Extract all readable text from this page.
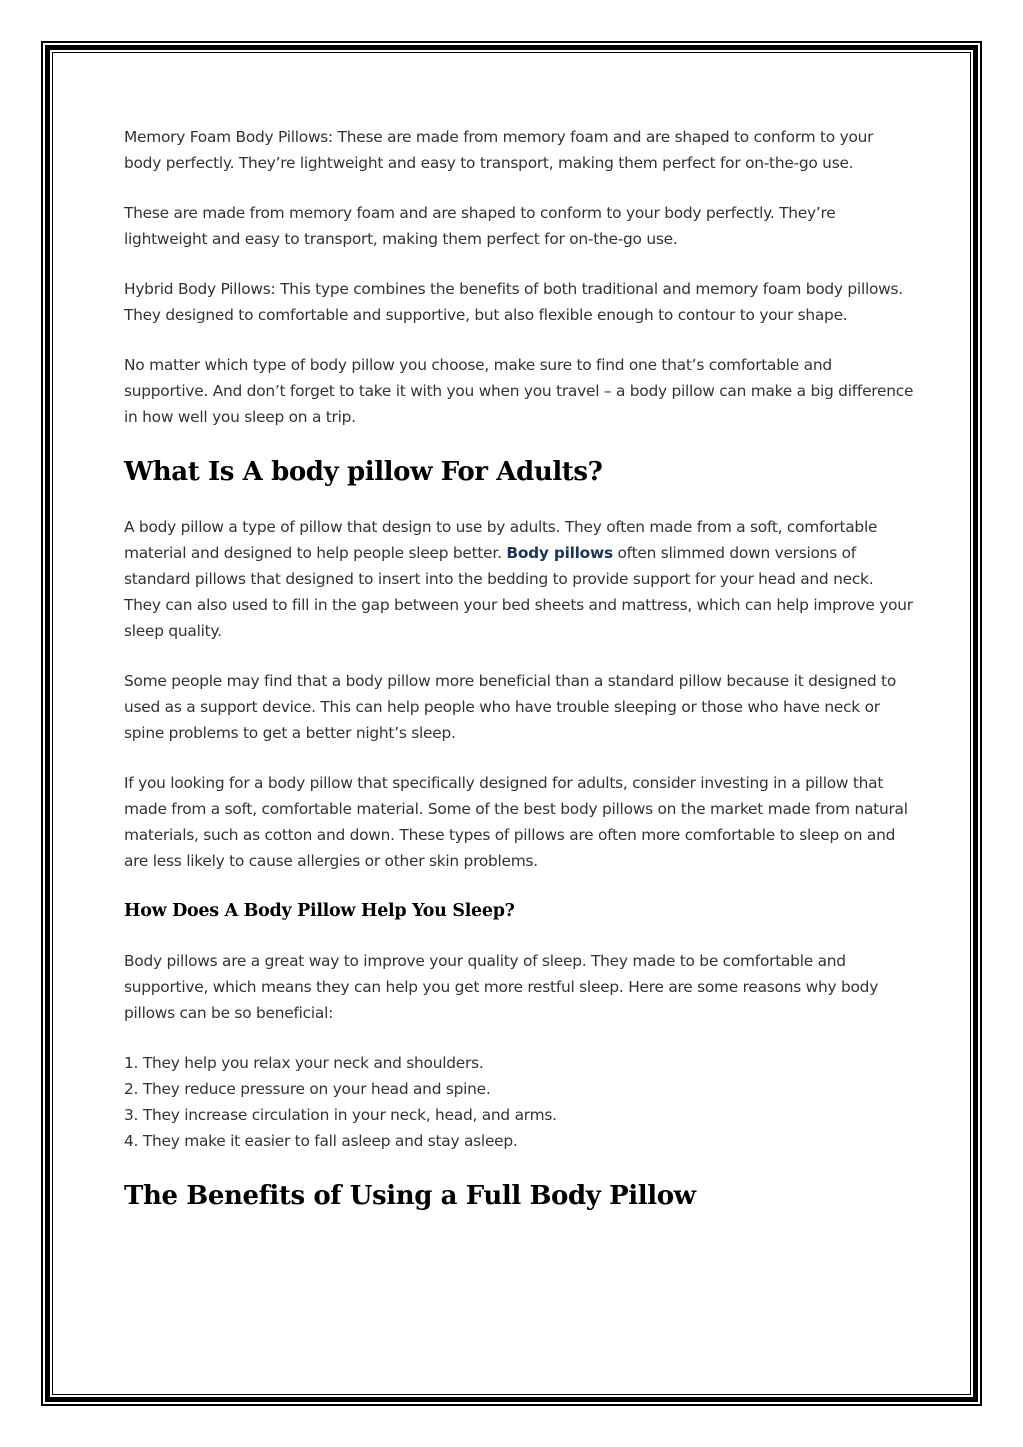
Memory Foam Body Pillows: These are made from memory foam and are shaped to conform to your body perfectly. They’re lightweight and easy to transport, making them perfect for on-the-go use.

These are made from memory foam and are shaped to conform to your body perfectly. They’re lightweight and easy to transport, making them perfect for on-the-go use.

Hybrid Body Pillows: This type combines the benefits of both traditional and memory foam body pillows. They designed to comfortable and supportive, but also flexible enough to contour to your shape.

No matter which type of body pillow you choose, make sure to find one that’s comfortable and supportive. And don’t forget to take it with you when you travel – a body pillow can make a big difference in how well you sleep on a trip.

What Is A body pillow For Adults?

A body pillow a type of pillow that design to use by adults. They often made from a soft, comfortable material and designed to help people sleep better. Body pillows often slimmed down versions of standard pillows that designed to insert into the bedding to provide support for your head and neck. They can also used to fill in the gap between your bed sheets and mattress, which can help improve your sleep quality.

Some people may find that a body pillow more beneficial than a standard pillow because it designed to used as a support device. This can help people who have trouble sleeping or those who have neck or spine problems to get a better night’s sleep.

If you looking for a body pillow that specifically designed for adults, consider investing in a pillow that made from a soft, comfortable material. Some of the best body pillows on the market made from natural materials, such as cotton and down. These types of pillows are often more comfortable to sleep on and are less likely to cause allergies or other skin problems.

How Does A Body Pillow Help You Sleep?

Body pillows are a great way to improve your quality of sleep. They made to be comfortable and supportive, which means they can help you get more restful sleep. Here are some reasons why body pillows can be so beneficial:

1. They help you relax your neck and shoulders.
2. They reduce pressure on your head and spine.
3. They increase circulation in your neck, head, and arms.
4. They make it easier to fall asleep and stay asleep.
The Benefits of Using a Full Body Pillow
